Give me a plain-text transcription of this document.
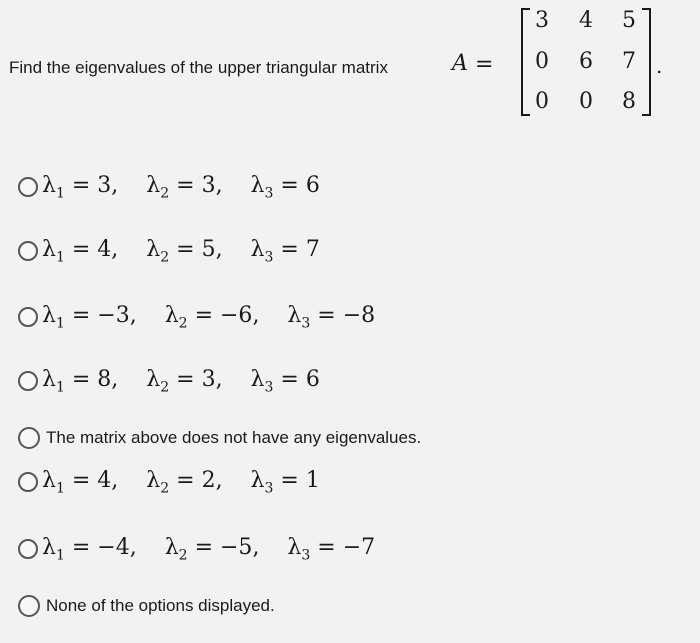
Find the eigenvalues of the upper triangular matrix	A =
3	4	5
0	6	7
0	0	8
.
$\lambda_1 = 3$,    $\lambda_2 = 3$,    $\lambda_3 = 6$
$\lambda_1 = 4$,    $\lambda_2 = 5$,    $\lambda_3 = 7$
$\lambda_1 = -3$,    $\lambda_2 = -6$,    $\lambda_3 = -8$
$\lambda_1 = 8$,    $\lambda_2 = 3$,    $\lambda_3 = 6$
The matrix above does not have any eigenvalues.
$\lambda_1 = 4$,    $\lambda_2 = 2$,    $\lambda_3 = 1$
$\lambda_1 = -4$,    $\lambda_2 = -5$,    $\lambda_3 = -7$
None of the options displayed.
